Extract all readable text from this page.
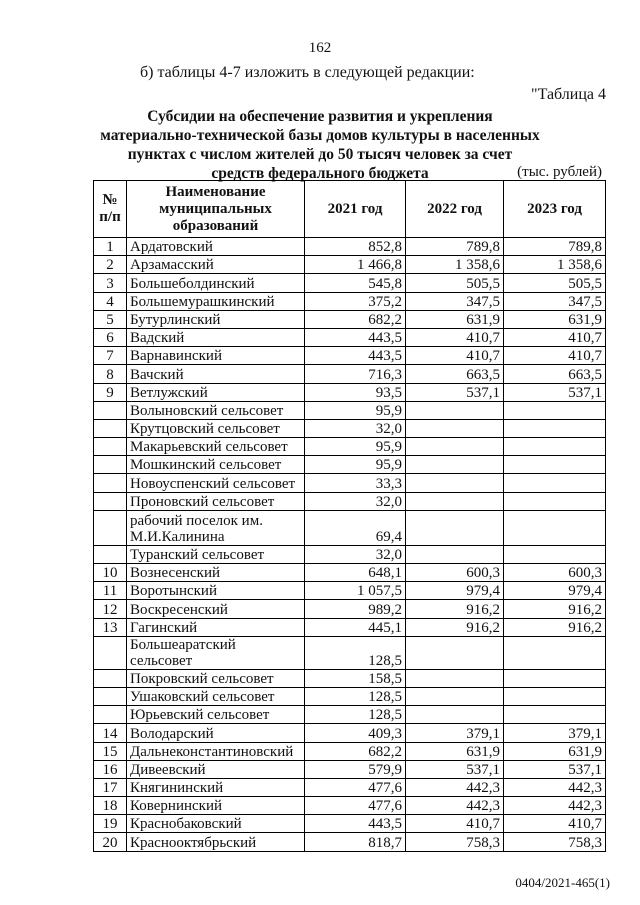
162
б) таблицы 4-7 изложить в следующей редакции:
"Таблица 4
Субсидии на обеспечение развития и укрепления материально-технической базы домов культуры в населенных пунктах с числом жителей до 50 тысяч человек за счет средств федерального бюджета	(тыс. рублей)
№ п/п	Наименование муниципальных образований	2021 год	2022 год	2023 год
1	Ардатовский	852,8	789,8	789,8
2	Арзамасский	1 466,8	1 358,6	1 358,6
3	Большеболдинский	545,8	505,5	505,5
4	Большемурашкинский	375,2	347,5	347,5
5	Бутурлинский	682,2	631,9	631,9
6	Вадский	443,5	410,7	410,7
7	Варнавинский	443,5	410,7	410,7
8	Вачский	716,3	663,5	663,5
9	Ветлужский	93,5	537,1	537,1
	Волыновский сельсовет	95,9		
	Крутцовский сельсовет	32,0		
	Макарьевский сельсовет	95,9		
	Мошкинский сельсовет	95,9		
	Новоуспенский сельсовет	33,3		
	Проновский сельсовет	32,0		
	рабочий поселок им. М.И.Калинина	69,4		
	Туранский сельсовет	32,0		
10	Вознесенский	648,1	600,3	600,3
11	Воротынский	1 057,5	979,4	979,4
12	Воскресенский	989,2	916,2	916,2
13	Гагинский	445,1	916,2	916,2
	Большеаратский сельсовет	128,5		
	Покровский сельсовет	158,5		
	Ушаковский сельсовет	128,5		
	Юрьевский сельсовет	128,5		
14	Володарский	409,3	379,1	379,1
15	Дальнеконстантиновский	682,2	631,9	631,9
16	Дивеевский	579,9	537,1	537,1
17	Княгининский	477,6	442,3	442,3
18	Ковернинский	477,6	442,3	442,3
19	Краснобаковский	443,5	410,7	410,7
20	Краснооктябрьский	818,7	758,3	758,3
0404/2021-465(1)
